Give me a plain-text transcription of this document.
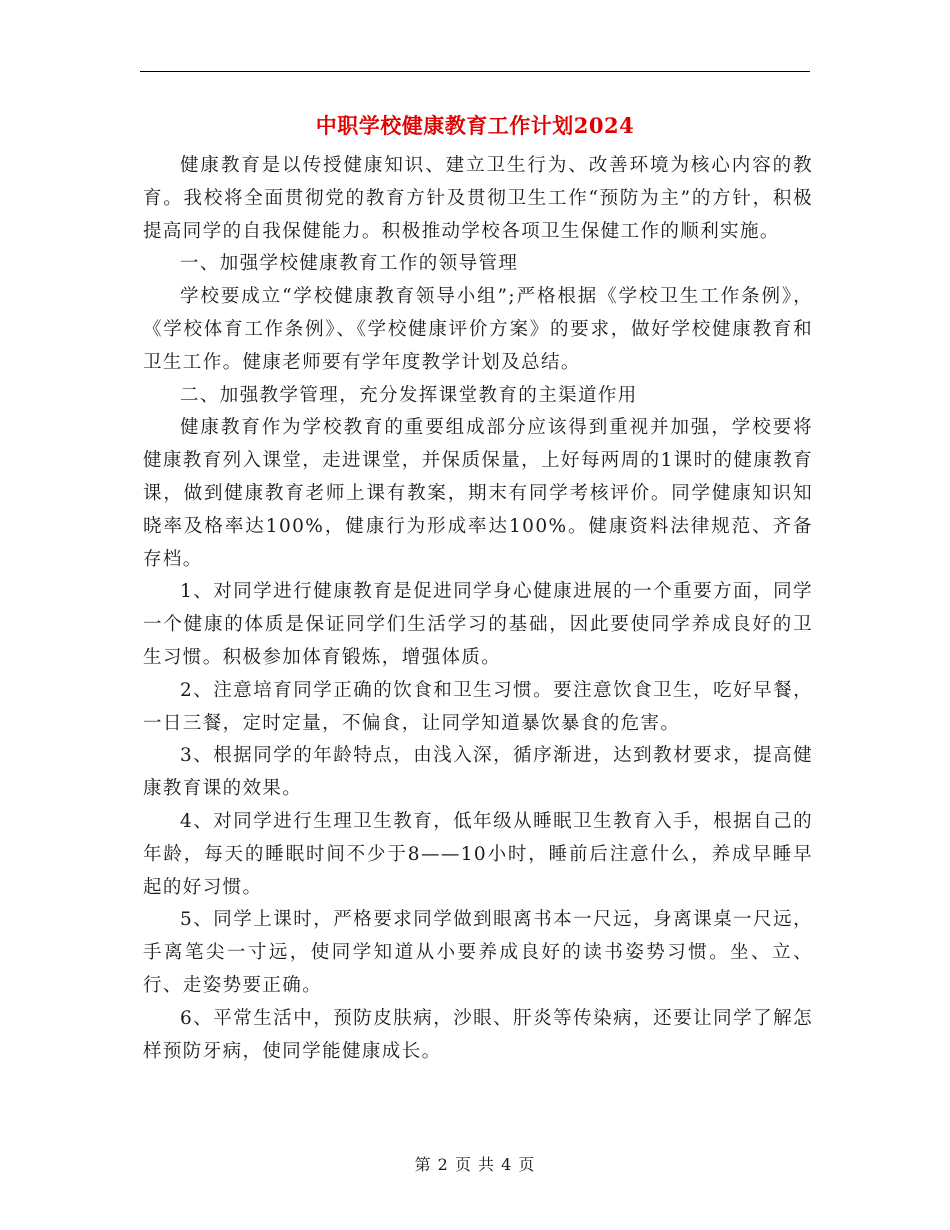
中职学校健康教育工作计划2024

健康教育是以传授健康知识、建立卫生行为、改善环境为核心内容的教育。我校将全面贯彻党的教育方针及贯彻卫生工作“预防为主”的方针，积极提高同学的自我保健能力。积极推动学校各项卫生保健工作的顺利实施。

一、加强学校健康教育工作的领导管理

学校要成立“学校健康教育领导小组”;严格根据《学校卫生工作条例》，《学校体育工作条例》、《学校健康评价方案》的要求，做好学校健康教育和卫生工作。健康老师要有学年度教学计划及总结。

二、加强教学管理，充分发挥课堂教育的主渠道作用

健康教育作为学校教育的重要组成部分应该得到重视并加强，学校要将健康教育列入课堂，走进课堂，并保质保量，上好每两周的1课时的健康教育课，做到健康教育老师上课有教案，期末有同学考核评价。同学健康知识知晓率及格率达100%，健康行为形成率达100%。健康资料法律规范、齐备存档。

1、对同学进行健康教育是促进同学身心健康进展的一个重要方面，同学一个健康的体质是保证同学们生活学习的基础，因此要使同学养成良好的卫生习惯。积极参加体育锻炼，增强体质。

2、注意培育同学正确的饮食和卫生习惯。要注意饮食卫生，吃好早餐，一日三餐，定时定量，不偏食，让同学知道暴饮暴食的危害。

3、根据同学的年龄特点，由浅入深，循序渐进，达到教材要求，提高健康教育课的效果。

4、对同学进行生理卫生教育，低年级从睡眠卫生教育入手，根据自己的年龄，每天的睡眠时间不少于8——10小时，睡前后注意什么，养成早睡早起的好习惯。

5、同学上课时，严格要求同学做到眼离书本一尺远，身离课桌一尺远，手离笔尖一寸远，使同学知道从小要养成良好的读书姿势习惯。坐、立、行、走姿势要正确。

6、平常生活中，预防皮肤病，沙眼、肝炎等传染病，还要让同学了解怎样预防牙病，使同学能健康成长。

第 2 页 共 4 页
